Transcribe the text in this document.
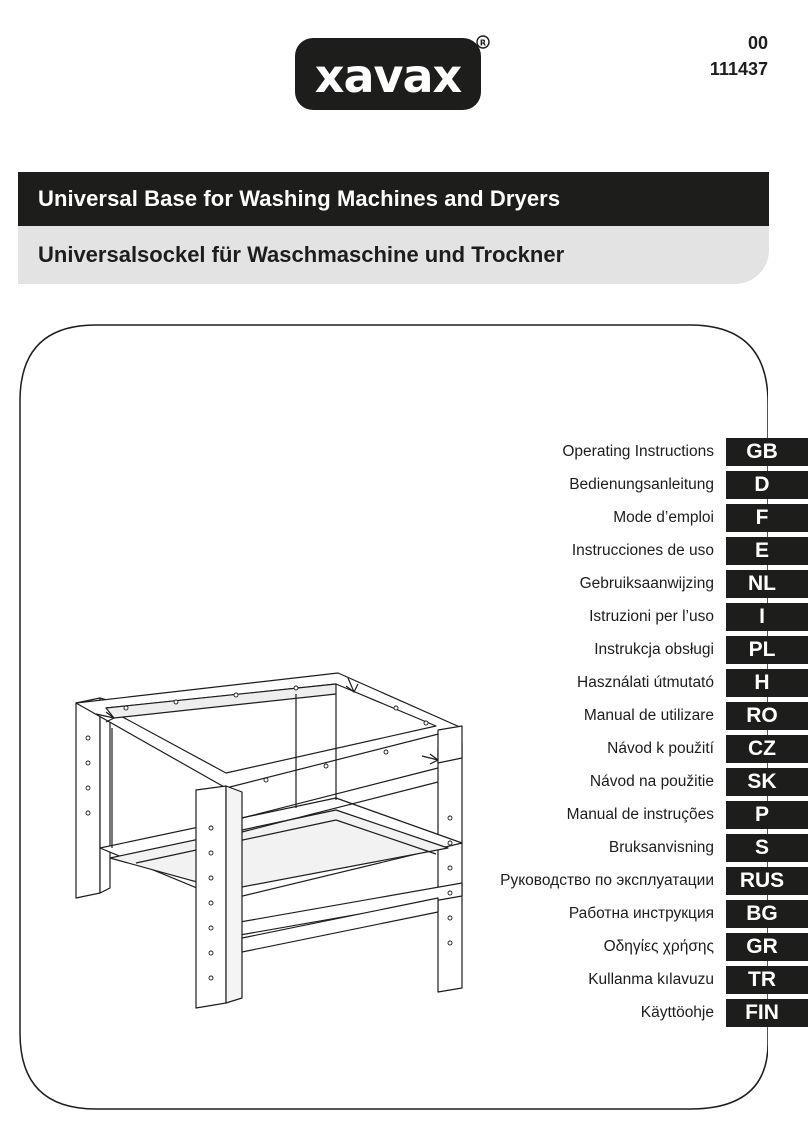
xavax
R	00
111437
Universal Base for Washing Machines and Dryers
Universalsockel für Waschmaschine und Trockner
Operating Instructions	GB
Bedienungsanleitung	D
Mode d’emploi	F
Instrucciones de uso	E
Gebruiksaanwijzing	NL
Istruzioni per l’uso	I
Instrukcja obsługi	PL
Használati útmutató	H
Manual de utilizare	RO
Návod k použití	CZ
Návod na použitie	SK
Manual de instruções	P
Bruksanvisning	S
Руководство по эксплуатации	RUS
Работна инструкция	BG
Οδηγίες χρήσης	GR
Kullanma kılavuzu	TR
Käyttöohje	FIN
